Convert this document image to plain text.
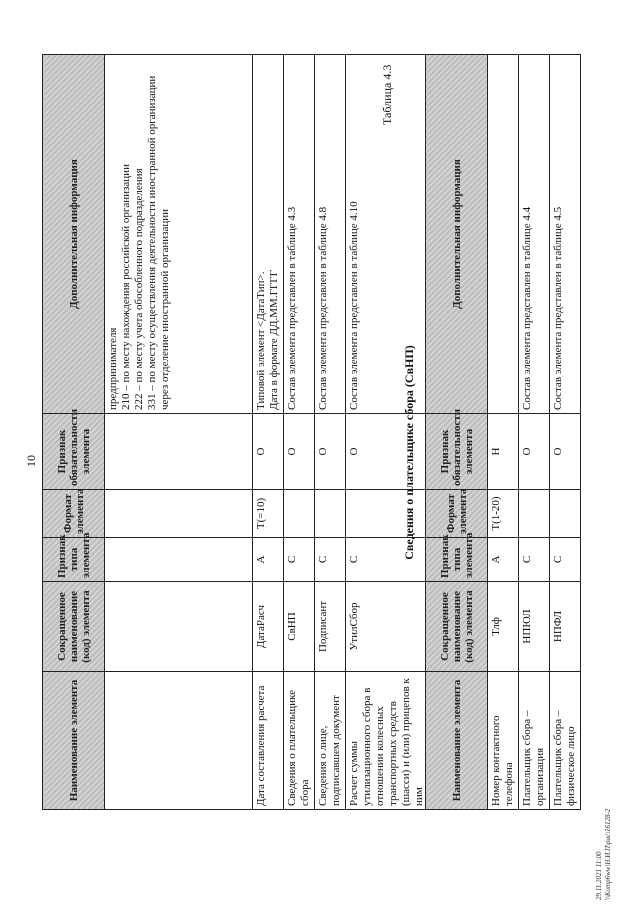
10
Наименование элемента	Сокращенное наименование (код) элемента	Признак типа элемента	Формат элемента	Признак обязательности элемента	Дополнительная информация

					предпринимателя 210 – по месту нахождения российской организации 222 – по месту учета обособленного подразделения 331 – по месту осуществления деятельности иностранной организации через отделение иностранной организации

Дата составления расчета	ДатаРасч	А	T(=10)	О	Типовой элемент <ДатаТип>. Дата в формате ДД.ММ.ГГГГ

Сведения о плательщике сбора	СвНП	С		О	Состав элемента представлен в таблице 4.3

Сведения о лице, подписавшем документ	Подписант	С		О	Состав элемента представлен в таблице 4.8

Расчет суммы утилизационного сбора в отношении колесных транспортных средств (шасси) и (или) прицепов к ним	УтилСбор	С		О	Состав элемента представлен в таблице 4.10
Таблица 4.3
Сведения о плательщике сбора (СвНП)
Наименование элемента	Сокращенное наименование (код) элемента	Признак типа элемента	Формат элемента	Признак обязательности элемента	Дополнительная информация
Номер контактного телефона	Тлф	А	T(1-20)	Н	

Плательщик сбора – организация	НПЮЛ	С		О	Состав элемента представлен в таблице 4.4

Плательщик сбора – физическое лицо	НПФЛ	С		О	Состав элемента представлен в таблице 4.5
29.11.2021 11:00 \\Komp6ww\Н.И.П\рас\16128-2
